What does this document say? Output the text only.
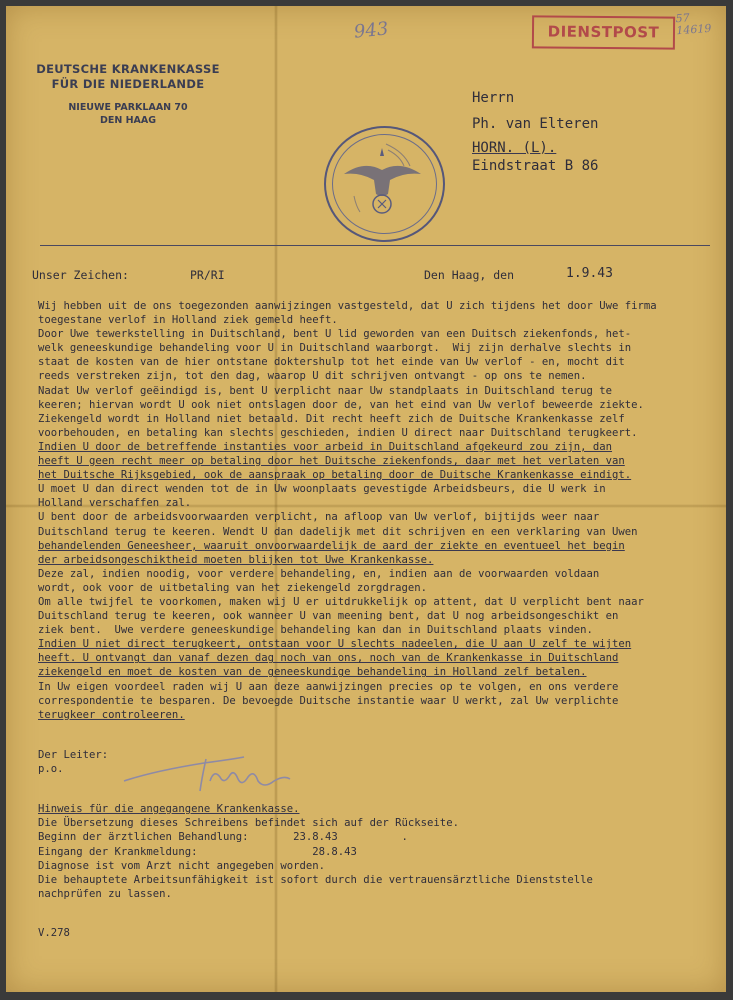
DEUTSCHE KRANKENKASSE
FÜR DIE NIEDERLANDE
NIEUWE PARKLAAN 70
DEN HAAG
943	DIENSTPOST
57
14619
Herrn
Ph. van Elteren
HORN. (L).
Eindstraat B 86
Unser Zeichen:	PR/RI	Den Haag, den	1.9.43
Wij hebben uit de ons toegezonden aanwijzingen vastgesteld, dat U zich tijdens het door Uwe firma
toegestane verlof in Holland ziek gemeld heeft.
Door Uwe tewerkstelling in Duitschland, bent U lid geworden van een Duitsch ziekenfonds, het-
welk geneeskundige behandeling voor U in Duitschland waarborgt.  Wij zijn derhalve slechts in
staat de kosten van de hier ontstane doktershulp tot het einde van Uw verlof - en, mocht dit
reeds verstreken zijn, tot den dag, waarop U dit schrijven ontvangt - op ons te nemen.
Nadat Uw verlof geëindigd is, bent U verplicht naar Uw standplaats in Duitschland terug te
keeren; hiervan wordt U ook niet ontslagen door de, van het eind van Uw verlof beweerde ziekte.
Ziekengeld wordt in Holland niet betaald. Dit recht heeft zich de Duitsche Krankenkasse zelf
voorbehouden, en betaling kan slechts geschieden, indien U direct naar Duitschland terugkeert.
Indien U door de betreffende instanties voor arbeid in Duitschland afgekeurd zou zijn, dan
heeft U geen recht meer op betaling door het Duitsche ziekenfonds, daar met het verlaten van
het Duitsche Rijksgebied, ook de aanspraak op betaling door de Duitsche Krankenkasse eindigt.
U moet U dan direct wenden tot de in Uw woonplaats gevestigde Arbeidsbeurs, die U werk in
Holland verschaffen zal.
U bent door de arbeidsvoorwaarden verplicht, na afloop van Uw verlof, bijtijds weer naar
Duitschland terug te keeren. Wendt U dan dadelijk met dit schrijven en een verklaring van Uwen
behandelenden Geneesheer, waaruit onvoorwaardelijk de aard der ziekte en eventueel het begin
der arbeidsongeschiktheid moeten blijken tot Uwe Krankenkasse.
Deze zal, indien noodig, voor verdere behandeling, en, indien aan de voorwaarden voldaan
wordt, ook voor de uitbetaling van het ziekengeld zorgdragen.
Om alle twijfel te voorkomen, maken wij U er uitdrukkelijk op attent, dat U verplicht bent naar
Duitschland terug te keeren, ook wanneer U van meening bent, dat U nog arbeidsongeschikt en
ziek bent.  Uwe verdere geneeskundige behandeling kan dan in Duitschland plaats vinden.
Indien U niet direct terugkeert, ontstaan voor U slechts nadeelen, die U aan U zelf te wijten
heeft. U ontvangt dan vanaf dezen dag noch van ons, noch van de Krankenkasse in Duitschland
ziekengeld en moet de kosten van de geneeskundige behandeling in Holland zelf betalen.
In Uw eigen voordeel raden wij U aan deze aanwijzingen precies op te volgen, en ons verdere
correspondentie te besparen. De bevoegde Duitsche instantie waar U werkt, zal Uw verplichte
terugkeer controleeren.
Der Leiter:
p.o.
Hinweis für die angegangene Krankenkasse.
Die Übersetzung dieses Schreibens befindet sich auf der Rückseite.
Beginn der ärztlichen Behandlung:       23.8.43          .
Eingang der Krankmeldung:                  28.8.43
Diagnose ist vom Arzt nicht angegeben worden.
Die behauptete Arbeitsunfähigkeit ist sofort durch die vertrauensärztliche Dienststelle
nachprüfen zu lassen.
V.278
